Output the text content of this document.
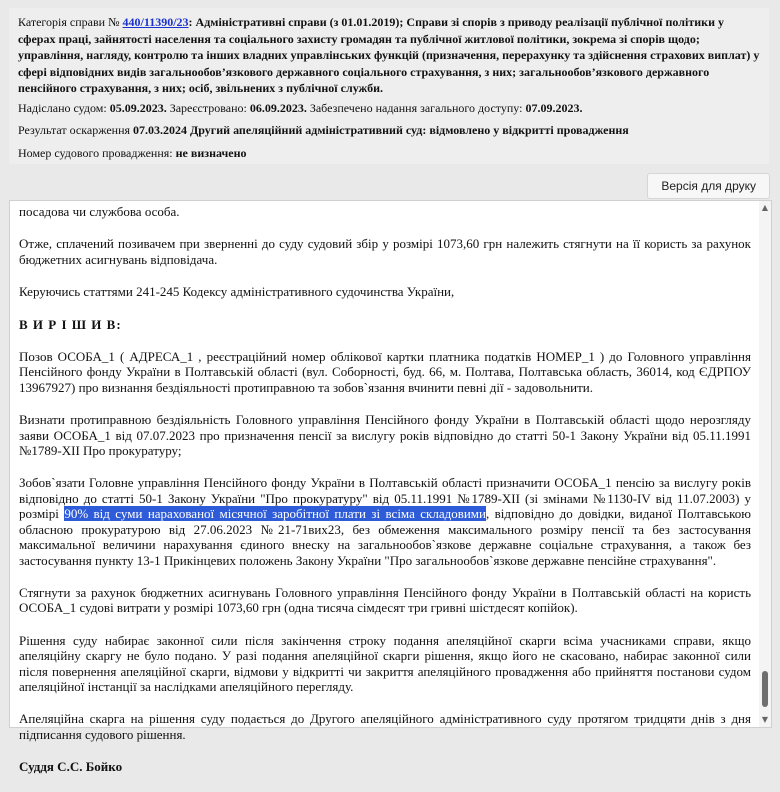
Категорія справи № 440/11390/23: Адміністративні справи (з 01.01.2019); Справи зі спорів з приводу реалізації публічної політики у сферах праці, зайнятості населення та соціального захисту громадян та публічної житлової політики, зокрема зі спорів щодо; управління, нагляду, контролю та інших владних управлінських функцій (призначення, перерахунку та здійснення страхових виплат) у сфері відповідних видів загальнообов’язкового державного соціального страхування, з них; загальнообов’язкового державного пенсійного страхування, з них; осіб, звільнених з публічної служби.
Надіслано судом: 05.09.2023. Зареєстровано: 06.09.2023. Забезпечено надання загального доступу: 07.09.2023.
Результат оскарження 07.03.2024 Другий апеляційний адміністративний суд: відмовлено у відкритті провадження
Номер судового провадження: не визначено
Версія для друку

посадова чи службова особа.

Отже, сплачений позивачем при зверненні до суду судовий збір у розмірі 1073,60 грн належить стягнути на її користь за рахунок бюджетних асигнувань відповідача.

Керуючись статтями 241-245 Кодексу адміністративного судочинства України,

В И Р І Ш И В:

Позов ОСОБА_1 ( АДРЕСА_1 , реєстраційний номер облікової картки платника податків НОМЕР_1 ) до Головного управління Пенсійного фонду України в Полтавській області (вул. Соборності, буд. 66, м. Полтава, Полтавська область, 36014, код ЄДРПОУ 13967927) про визнання бездіяльності протиправною та зобов`язання вчинити певні дії - задовольнити.

Визнати протиправною бездіяльність Головного управління Пенсійного фонду України в Полтавській області щодо нерозгляду заяви ОСОБА_1 від 07.07.2023 про призначення пенсії за вислугу років відповідно до статті 50-1 Закону України від 05.11.1991 №1789-XII Про прокуратуру;

Зобов`язати Головне управління Пенсійного фонду України в Полтавській області призначити ОСОБА_1 пенсію за вислугу років відповідно до статті 50-1 Закону України "Про прокуратуру" від 05.11.1991 №1789-XII (зі змінами №1130-IV від 11.07.2003) у розмірі 90% від суми нарахованої місячної заробітної плати зі всіма складовими, відповідно до довідки, виданої Полтавською обласною прокуратурою від 27.06.2023 №21-71вих23, без обмеження максимального розміру пенсії та без застосування максимальної величини нарахування єдиного внеску на загальнообов`язкове державне соціальне страхування, а також без застосування пункту 13-1 Прикінцевих положень Закону України "Про загальнообов`язкове державне пенсійне страхування".

Стягнути за рахунок бюджетних асигнувань Головного управління Пенсійного фонду України в Полтавській області на користь ОСОБА_1 судові витрати у розмірі 1073,60 грн (одна тисяча сімдесят три гривні шістдесят копійок).

Рішення суду набирає законної сили після закінчення строку подання апеляційної скарги всіма учасниками справи, якщо апеляційну скаргу не було подано. У разі подання апеляційної скарги рішення, якщо його не скасовано, набирає законної сили після повернення апеляційної скарги, відмови у відкритті чи закриття апеляційного провадження або прийняття постанови судом апеляційної інстанції за наслідками апеляційного перегляду.

Апеляційна скарга на рішення суду подається до Другого апеляційного адміністративного суду протягом тридцяти днів з дня підписання судового рішення.

Суддя С.С. Бойко

▲
▼
